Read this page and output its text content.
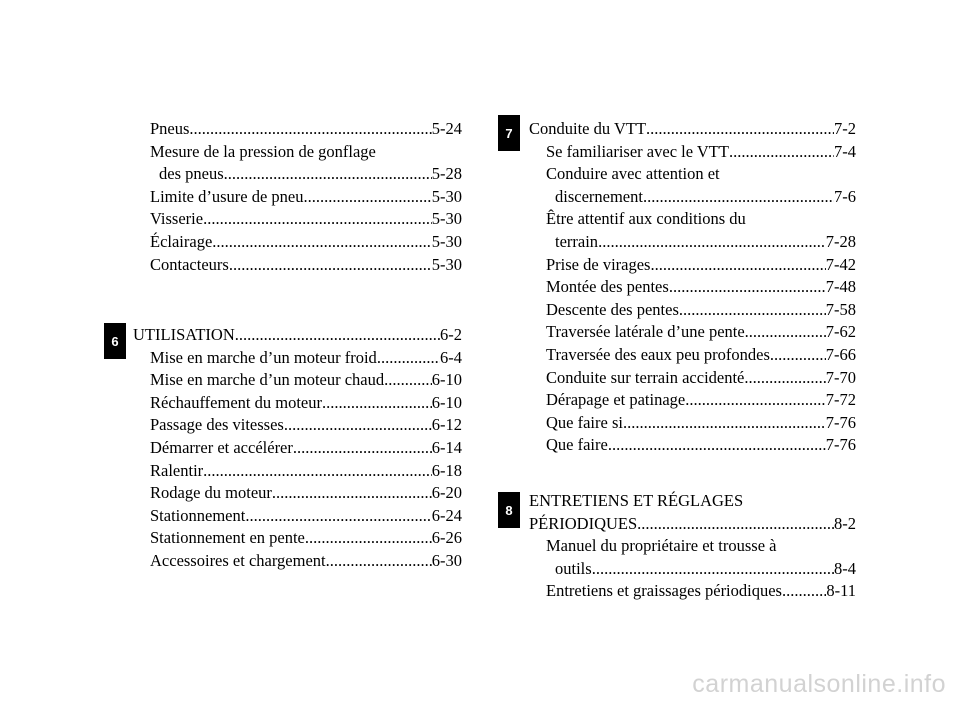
Pneus .....	5-24
Mesure de la pression de gonflage
des pneus .....	5-28
Limite d’usure de pneu .....	5-30
Visserie .....	5-30
Éclairage .....	5-30
Contacteurs .....	5-30
6 UTILISATION .....	6-2
Mise en marche d’un moteur froid .....	6-4
Mise en marche d’un moteur chaud .....	6-10
Réchauffement du moteur .....	6-10
Passage des vitesses .....	6-12
Démarrer et accélérer .....	6-14
Ralentir .....	6-18
Rodage du moteur .....	6-20
Stationnement .....	6-24
Stationnement en pente .....	6-26
Accessoires et chargement .....	6-30
7 Conduite du VTT .....	7-2
Se familiariser avec le VTT .....	7-4
Conduire avec attention et
discernement .....	7-6
Être attentif aux conditions du
terrain .....	7-28
Prise de virages .....	7-42
Montée des pentes .....	7-48
Descente des pentes .....	7-58
Traversée latérale d’une pente .....	7-62
Traversée des eaux peu profondes .....	7-66
Conduite sur terrain accidenté .....	7-70
Dérapage et patinage .....	7-72
Que faire si .....	7-76
Que faire .....	7-76
8 ENTRETIENS ET RÉGLAGES
PÉRIODIQUES .....	8-2
Manuel du propriétaire et trousse à
outils .....	8-4
Entretiens et graissages périodiques .....	8-11
carmanualsonline.info
